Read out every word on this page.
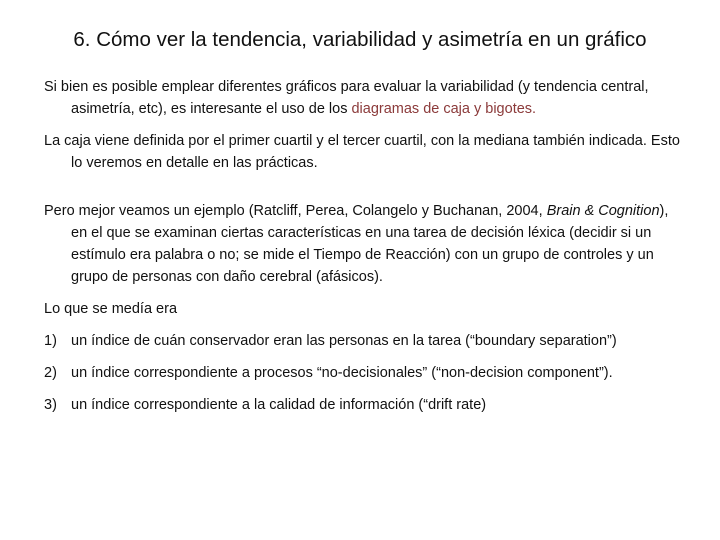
6. Cómo ver la tendencia, variabilidad y asimetría en un gráfico

Si bien es posible emplear diferentes gráficos para evaluar la variabilidad (y tendencia central, asimetría, etc), es interesante el uso de los diagramas de caja y bigotes.

La caja viene definida por el primer cuartil y el tercer cuartil, con la mediana también indicada. Esto lo veremos en detalle en las prácticas.

Pero mejor veamos un ejemplo (Ratcliff, Perea, Colangelo y Buchanan, 2004, Brain & Cognition), en el que se examinan ciertas características en una tarea de decisión léxica (decidir si un estímulo era palabra o no; se mide el Tiempo de Reacción) con un grupo de controles y un grupo de personas con daño cerebral (afásicos).

Lo que se medía era

1) un índice de cuán conservador eran las personas en la tarea (“boundary separation”)
2) un índice correspondiente a procesos “no-decisionales” (“non-decision component”).
3) un índice correspondiente a la calidad de información (“drift rate)
